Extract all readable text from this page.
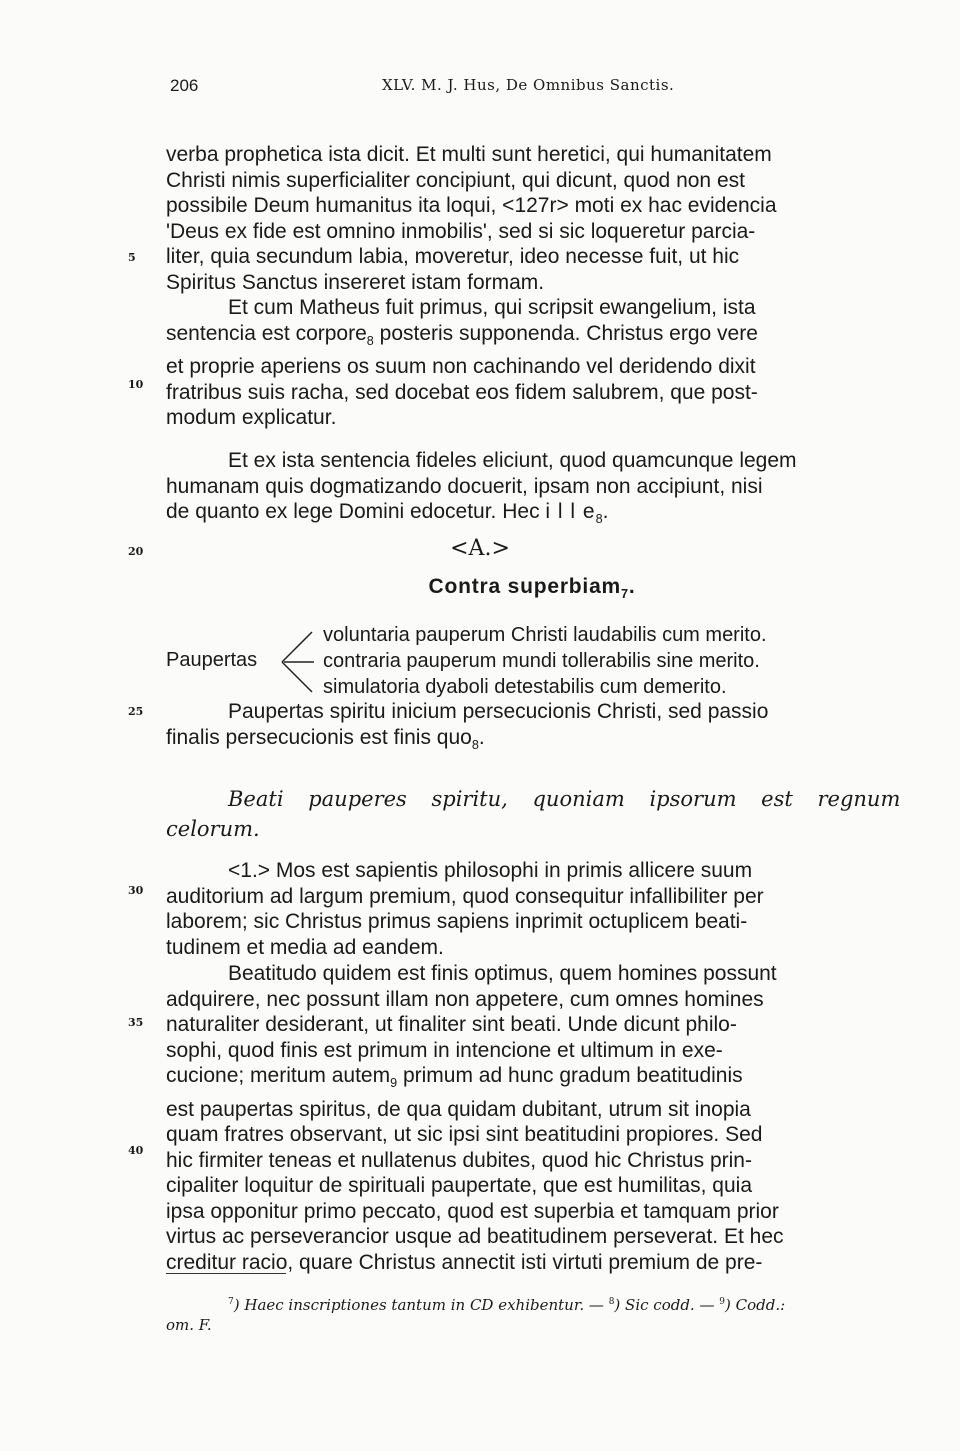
206	XLV. M. J. Hus, De Omnibus Sanctis.
5
10
20
25
30
35
40
verba prophetica ista dicit. Et multi sunt heretici, qui humanitatem
Christi nimis superficialiter concipiunt, qui dicunt, quod non est
possibile Deum humanitus ita loqui, <127r> moti ex hac evidencia
'Deus ex fide est omnino inmobilis', sed si sic loqueretur parcia-
liter, quia secundum labia, moveretur, ideo necesse fuit, ut hic
Spiritus Sanctus insereret istam formam.
Et cum Matheus fuit primus, qui scripsit ewangelium, ista
sentencia est corpore$_8$ posteris supponenda. Christus ergo vere
et proprie aperiens os suum non cachinando vel deridendo dixit
fratribus suis racha, sed docebat eos fidem salubrem, que post-
modum explicatur.
Et ex ista sentencia fideles eliciunt, quod quamcunque legem
humanam quis dogmatizando docuerit, ipsam non accipiunt, nisi
de quanto ex lege Domini edocetur. Hec i l l $e_8$.
<A.>
Contra superbiam$_7$.
Paupertas
voluntaria pauperum Christi laudabilis cum merito.
contraria pauperum mundi tollerabilis sine merito.
simulatoria dyaboli detestabilis cum demerito.
Paupertas spiritu inicium persecucionis Christi, sed passio
finalis persecucionis est finis quo$_8$.
Beati pauperes spiritu, quoniam ipsorum est regnum
celorum.
<1.> Mos est sapientis philosophi in primis allicere suum
auditorium ad largum premium, quod consequitur infallibiliter per
laborem; sic Christus primus sapiens inprimit octuplicem beati-
tudinem et media ad eandem.
Beatitudo quidem est finis optimus, quem homines possunt
adquirere, nec possunt illam non appetere, cum omnes homines
naturaliter desiderant, ut finaliter sint beati. Unde dicunt philo-
sophi, quod finis est primum in intencione et ultimum in exe-
cucione; meritum autem$_9$ primum ad hunc gradum beatitudinis
est paupertas spiritus, de qua quidam dubitant, utrum sit inopia
quam fratres observant, ut sic ipsi sint beatitudini propiores. Sed
hic firmiter teneas et nullatenus dubites, quod hic Christus prin-
cipaliter loquitur de spirituali paupertate, que est humilitas, quia
ipsa opponitur primo peccato, quod est superbia et tamquam prior
virtus ac perseverancior usque ad beatitudinem perseverat. Et hec
creditur racio, quare Christus annectit isti virtuti premium de pre-
$^7$) Haec inscriptiones tantum in CD exhibentur. — $^8$) Sic codd. — $^9$) Codd.:
om. F.
